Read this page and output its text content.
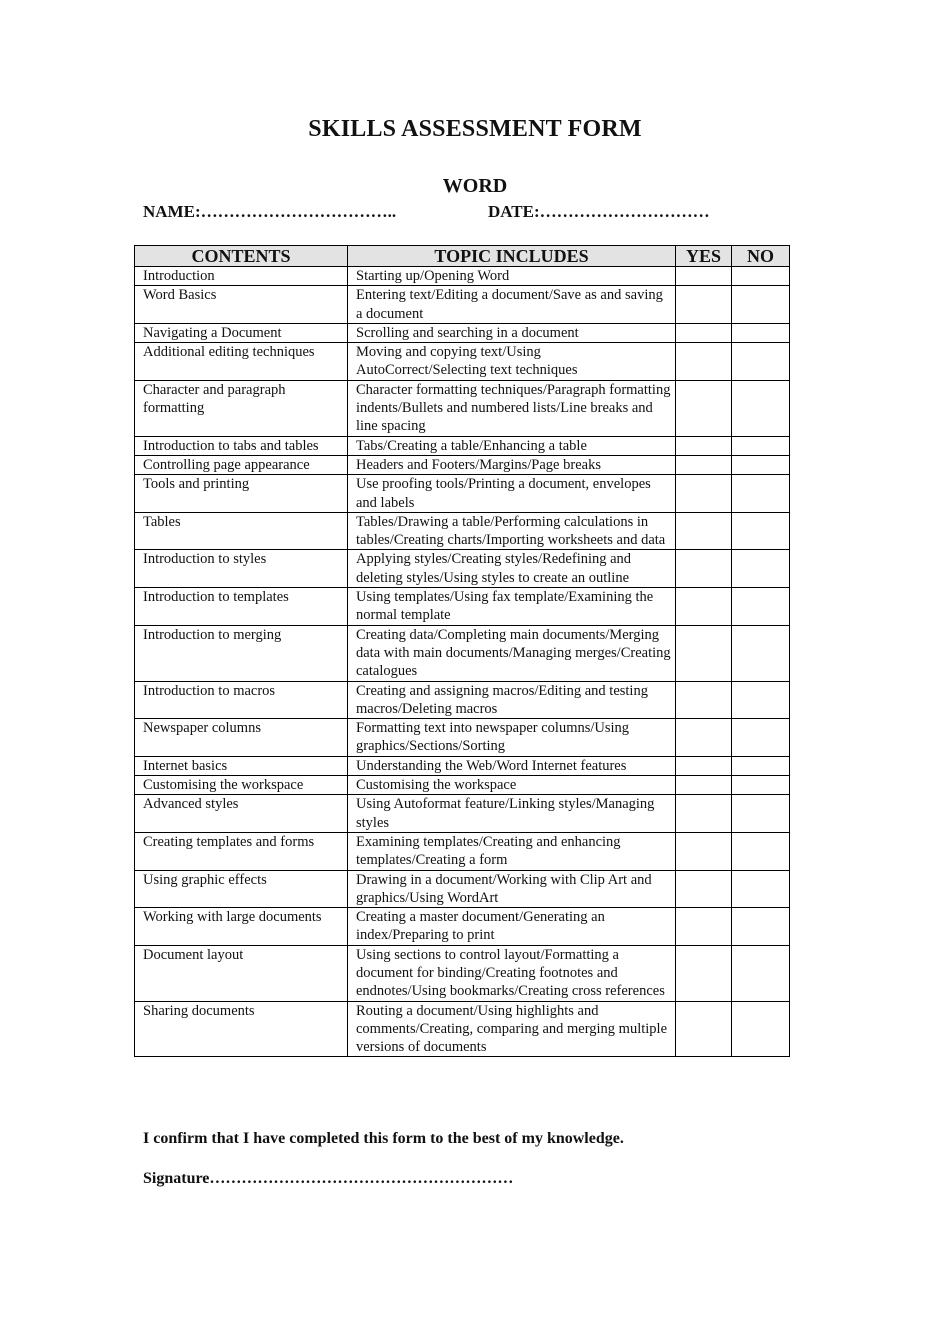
SKILLS ASSESSMENT FORM
WORD
NAME:……………………………..	DATE:…………………………
CONTENTS	TOPIC INCLUDES	YES	NO
Introduction	Starting up/Opening Word		
Word Basics	Entering text/Editing a document/Save as and saving a document		
Navigating a Document	Scrolling and searching in a document		
Additional editing techniques	Moving and copying text/Using AutoCorrect/Selecting text techniques		
Character and paragraph formatting	Character formatting techniques/Paragraph formatting indents/Bullets and numbered lists/Line breaks and line spacing		
Introduction to tabs and tables	Tabs/Creating a table/Enhancing a table		
Controlling page appearance	Headers and Footers/Margins/Page breaks		
Tools and printing	Use proofing tools/Printing a document, envelopes and labels		
Tables	Tables/Drawing a table/Performing calculations in tables/Creating charts/Importing worksheets and data		
Introduction to styles	Applying styles/Creating styles/Redefining and deleting styles/Using styles to create an outline		
Introduction to templates	Using templates/Using fax template/Examining the normal template		
Introduction to merging	Creating data/Completing main documents/Merging data with main documents/Managing merges/Creating catalogues		
Introduction to macros	Creating and assigning macros/Editing and testing macros/Deleting macros		
Newspaper columns	Formatting text into newspaper columns/Using graphics/Sections/Sorting		
Internet basics	Understanding the Web/Word Internet features		
Customising the workspace	Customising the workspace		
Advanced styles	Using Autoformat feature/Linking styles/Managing styles		
Creating templates and forms	Examining templates/Creating and enhancing templates/Creating a form		
Using graphic effects	Drawing in a document/Working with Clip Art and graphics/Using WordArt		
Working with large documents	Creating a master document/Generating an index/Preparing to print		
Document layout	Using sections to control layout/Formatting a document for binding/Creating footnotes and endnotes/Using bookmarks/Creating cross references		
Sharing documents	Routing a document/Using highlights and comments/Creating, comparing and merging multiple versions of documents		
I confirm that I have completed this form to the best of my knowledge.
Signature…………………………………………………
